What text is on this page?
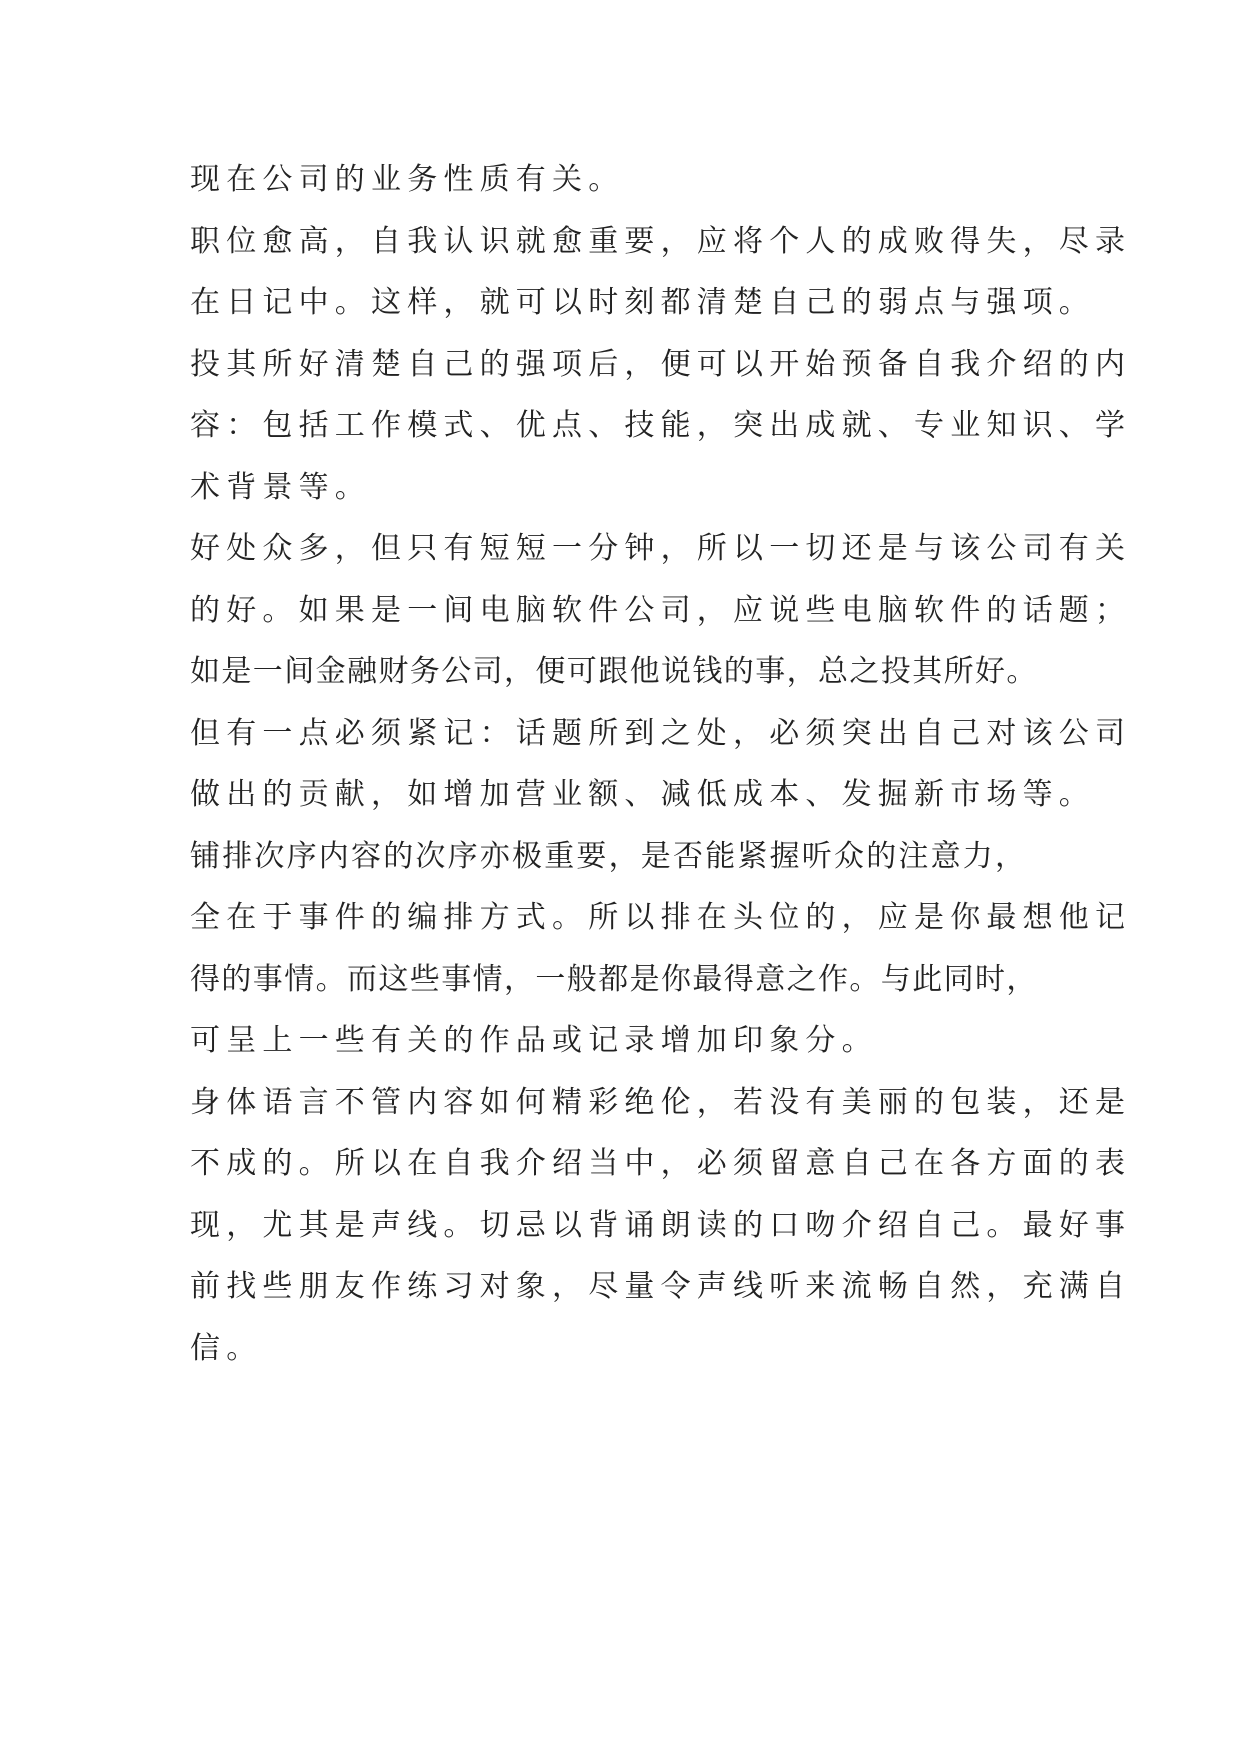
现在公司的业务性质有关。
职位愈高，自我认识就愈重要，应将个人的成败得失，尽录
在日记中。这样，就可以时刻都清楚自己的弱点与强项。
投其所好清楚自己的强项后，便可以开始预备自我介绍的内
容：包括工作模式、优点、技能，突出成就、专业知识、学
术背景等。
好处众多，但只有短短一分钟，所以一切还是与该公司有关
的好。如果是一间电脑软件公司，应说些电脑软件的话题；
如是一间金融财务公司，便可跟他说钱的事，总之投其所好。
但有一点必须紧记：话题所到之处，必须突出自己对该公司
做出的贡献，如增加营业额、减低成本、发掘新市场等。
铺排次序内容的次序亦极重要，是否能紧握听众的注意力，
全在于事件的编排方式。所以排在头位的，应是你最想他记
得的事情。而这些事情，一般都是你最得意之作。与此同时，
可呈上一些有关的作品或记录增加印象分。
身体语言不管内容如何精彩绝伦，若没有美丽的包装，还是
不成的。所以在自我介绍当中，必须留意自己在各方面的表
现，尤其是声线。切忌以背诵朗读的口吻介绍自己。最好事
前找些朋友作练习对象，尽量令声线听来流畅自然，充满自
信。
